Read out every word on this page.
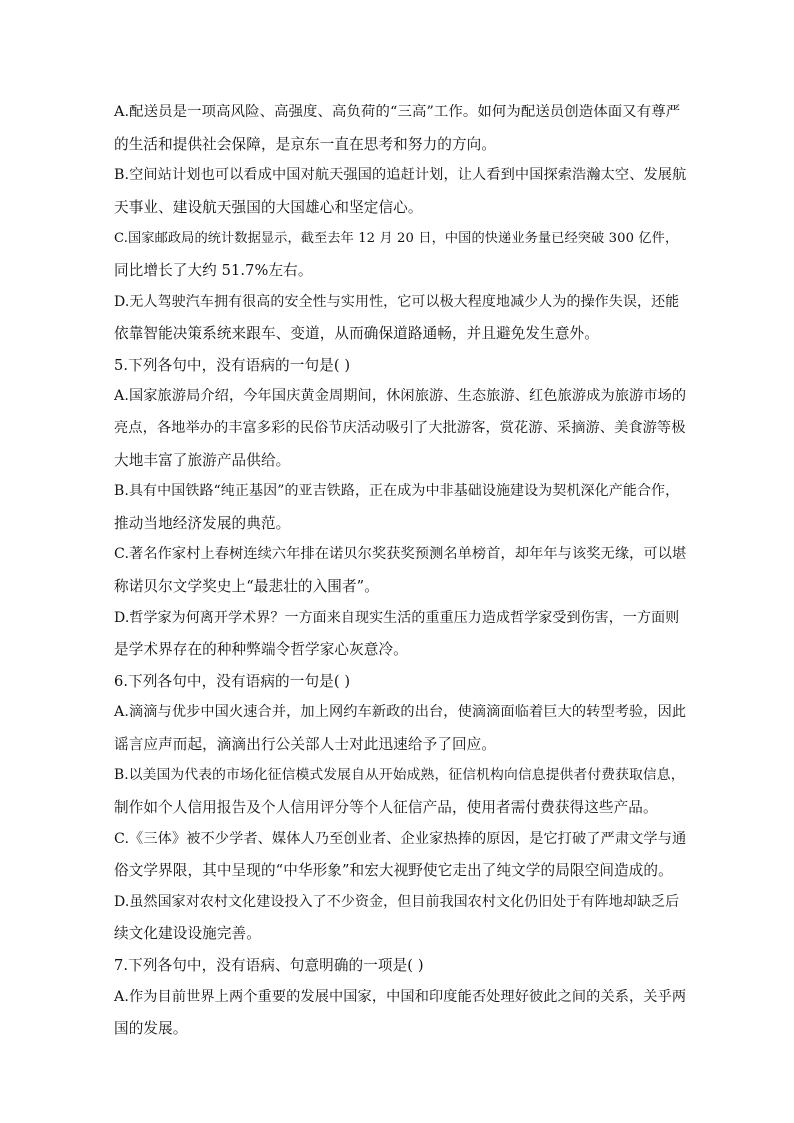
A.配送员是一项高风险、高强度、高负荷的“三高”工作。如何为配送员创造体面又有尊严
的生活和提供社会保障，是京东一直在思考和努力的方向。
B.空间站计划也可以看成中国对航天强国的追赶计划，让人看到中国探索浩瀚太空、发展航
天事业、建设航天强国的大国雄心和坚定信心。
C.国家邮政局的统计数据显示，截至去年 12 月 20 日，中国的快递业务量已经突破 300 亿件，
同比增长了大约 51.7%左右。
D.无人驾驶汽车拥有很高的安全性与实用性，它可以极大程度地减少人为的操作失误，还能
依靠智能决策系统来跟车、变道，从而确保道路通畅，并且避免发生意外。
5.下列各句中，没有语病的一句是( )
A.国家旅游局介绍，今年国庆黄金周期间，休闲旅游、生态旅游、红色旅游成为旅游市场的
亮点，各地举办的丰富多彩的民俗节庆活动吸引了大批游客，赏花游、采摘游、美食游等极
大地丰富了旅游产品供给。
B.具有中国铁路“纯正基因”的亚吉铁路，正在成为中非基础设施建设为契机深化产能合作，
推动当地经济发展的典范。
C.著名作家村上春树连续六年排在诺贝尔奖获奖预测名单榜首，却年年与该奖无缘，可以堪
称诺贝尔文学奖史上“最悲壮的入围者”。
D.哲学家为何离开学术界？一方面来自现实生活的重重压力造成哲学家受到伤害，一方面则
是学术界存在的种种弊端令哲学家心灰意冷。
6.下列各句中，没有语病的一句是( )
A.滴滴与优步中国火速合并，加上网约车新政的出台，使滴滴面临着巨大的转型考验，因此
谣言应声而起，滴滴出行公关部人士对此迅速给予了回应。
B.以美国为代表的市场化征信模式发展自从开始成熟，征信机构向信息提供者付费获取信息，
制作如个人信用报告及个人信用评分等个人征信产品，使用者需付费获得这些产品。
C.《三体》被不少学者、媒体人乃至创业者、企业家热捧的原因，是它打破了严肃文学与通
俗文学界限，其中呈现的“中华形象”和宏大视野使它走出了纯文学的局限空间造成的。
D.虽然国家对农村文化建设投入了不少资金，但目前我国农村文化仍旧处于有阵地却缺乏后
续文化建设设施完善。
7.下列各句中，没有语病、句意明确的一项是( )
A.作为目前世界上两个重要的发展中国家，中国和印度能否处理好彼此之间的关系，关乎两
国的发展。
